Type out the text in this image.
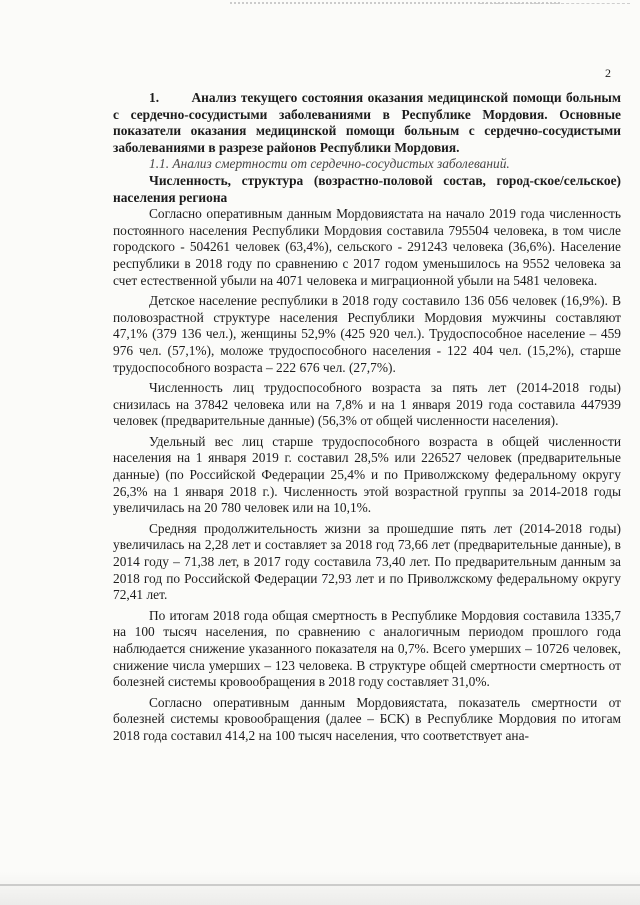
2

1. Анализ текущего состояния оказания медицинской помощи больным с сердечно-сосудистыми заболеваниями в Республике Мордовия. Основные показатели оказания медицинской помощи больным с сердечно-сосудистыми заболеваниями в разрезе районов Республики Мордовия.

1.1. Анализ смертности от сердечно-сосудистых заболеваний.

Численность, структура (возрастно-половой состав, город-ское/сельское) населения региона

Согласно оперативным данным Мордовиястата на начало 2019 года численность постоянного населения Республики Мордовия составила 795504 человека, в том числе городского - 504261 человек (63,4%), сельского - 291243 человека (36,6%). Население республики в 2018 году по сравнению с 2017 годом уменьшилось на 9552 человека за счет естественной убыли на 4071 человека и миграционной убыли на 5481 человека.

Детское население республики в 2018 году составило 136 056 человек (16,9%). В половозрастной структуре населения Республики Мордовия мужчины составляют 47,1% (379 136 чел.), женщины 52,9% (425 920 чел.). Трудоспособное население – 459 976 чел. (57,1%), моложе трудоспособного населения - 122 404 чел. (15,2%), старше трудоспособного возраста – 222 676 чел. (27,7%).

Численность лиц трудоспособного возраста за пять лет (2014-2018 годы) снизилась на 37842 человека или на 7,8% и на 1 января 2019 года составила 447939 человек (предварительные данные) (56,3% от общей численности населения).

Удельный вес лиц старше трудоспособного возраста в общей численности населения на 1 января 2019 г. составил 28,5% или 226527 человек (предварительные данные) (по Российской Федерации 25,4% и по Приволжскому федеральному округу 26,3% на 1 января 2018 г.). Численность этой возрастной группы за 2014-2018 годы увеличилась на 20 780 человек или на 10,1%.

Средняя продолжительность жизни за прошедшие пять лет (2014-2018 годы) увеличилась на 2,28 лет и составляет за 2018 год 73,66 лет (предварительные данные), в 2014 году – 71,38 лет, в 2017 году составила 73,40 лет. По предварительным данным за 2018 год по Российской Федерации 72,93 лет и по Приволжскому федеральному округу 72,41 лет.

По итогам 2018 года общая смертность в Республике Мордовия составила 1335,7 на 100 тысяч населения, по сравнению с аналогичным периодом прошлого года наблюдается снижение указанного показателя на 0,7%. Всего умерших – 10726 человек, снижение числа умерших – 123 человека. В структуре общей смертности смертность от болезней системы кровообращения в 2018 году составляет 31,0%.

Согласно оперативным данным Мордовиястата, показатель смертности от болезней системы кровообращения (далее – БСК) в Республике Мордовия по итогам 2018 года составил 414,2 на 100 тысяч населения, что соответствует ана-
